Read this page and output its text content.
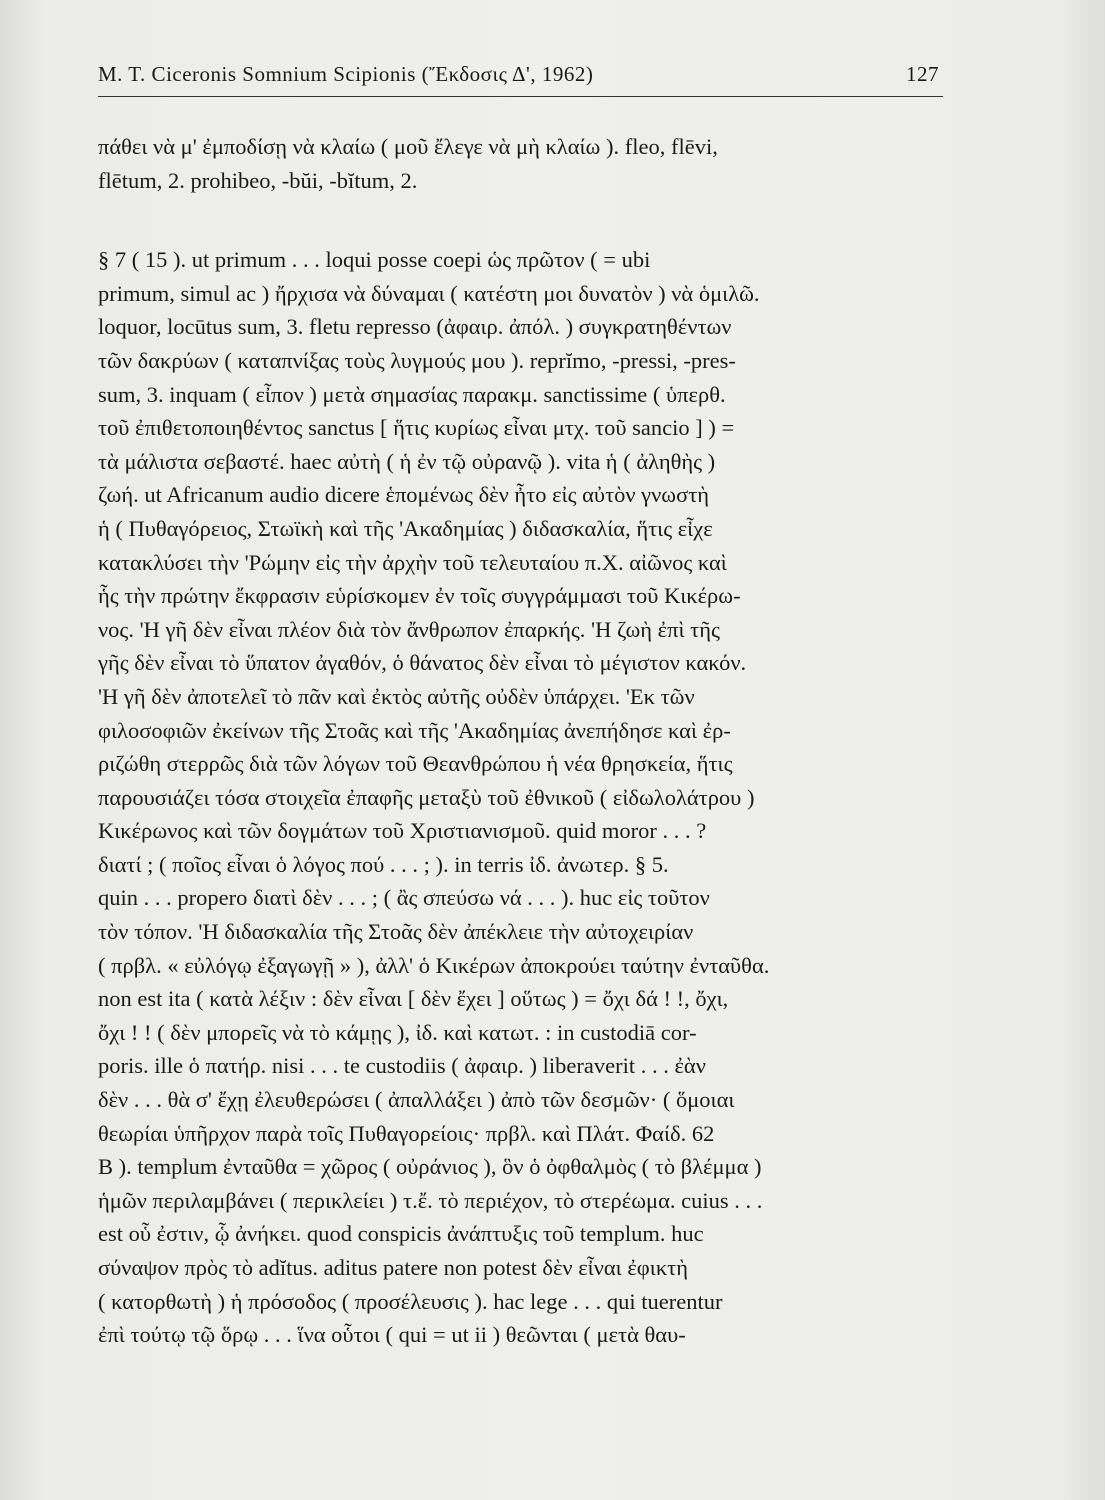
M. T. Ciceronis Somnium Scipionis (Ἔκδοσις Δ', 1962)	127
πάθει νὰ μ' ἐμποδίσῃ νὰ κλαίω ( μοῦ ἔλεγε νὰ μὴ κλαίω ). fleo, flēvi,
flētum, 2. prohibeo, -bŭi, -bĭtum, 2.
§ 7 ( 15 ). ut primum . . . loqui posse coepi ὡς πρῶτον ( = ubi
primum, simul ac ) ἤρχισα νὰ δύναμαι ( κατέστη μοι δυνατὸν ) νὰ ὁμιλῶ.
loquor, locūtus sum, 3. fletu represso (ἀφαιρ. ἀπόλ. ) συγκρατηθέντων
τῶν δακρύων ( καταπνίξας τοὺς λυγμούς μου ). reprĭmo, -pressi, -pres-
sum, 3. inquam ( εἶπον ) μετὰ σημασίας παρακμ. sanctissime ( ὑπερθ.
τοῦ ἐπιθετοποιηθέντος sanctus [ ἥτις κυρίως εἶναι μτχ. τοῦ sancio ] ) =
τὰ μάλιστα σεβαστέ. haec αὐτὴ ( ἡ ἐν τῷ οὐρανῷ ). vita ἡ ( ἀληθὴς )
ζωή. ut Africanum audio dicere ἑπομένως δὲν ἦτο εἰς αὐτὸν γνωστὴ
ἡ ( Πυθαγόρειος, Στωϊκὴ καὶ τῆς 'Ακαδημίας ) διδασκαλία, ἥτις εἶχε
κατακλύσει τὴν 'Ρώμην εἰς τὴν ἀρχὴν τοῦ τελευταίου π.Χ. αἰῶνος καὶ
ἧς τὴν πρώτην ἔκφρασιν εὑρίσκομεν ἐν τοῖς συγγράμμασι τοῦ Κικέρω-
νος. 'Η γῆ δὲν εἶναι πλέον διὰ τὸν ἄνθρωπον ἐπαρκής. 'Η ζωὴ ἐπὶ τῆς
γῆς δὲν εἶναι τὸ ὕπατον ἀγαθόν, ὁ θάνατος δὲν εἶναι τὸ μέγιστον κακόν.
'Η γῆ δὲν ἀποτελεῖ τὸ πᾶν καὶ ἐκτὸς αὐτῆς οὐδὲν ὑπάρχει. 'Εκ τῶν
φιλοσοφιῶν ἐκείνων τῆς Στοᾶς καὶ τῆς 'Ακαδημίας ἀνεπήδησε καὶ ἐρ-
ριζώθη στερρῶς διὰ τῶν λόγων τοῦ Θεανθρώπου ἡ νέα θρησκεία, ἥτις
παρουσιάζει τόσα στοιχεῖα ἐπαφῆς μεταξὺ τοῦ ἐθνικοῦ ( εἰδωλολάτρου )
Κικέρωνος καὶ τῶν δογμάτων τοῦ Χριστιανισμοῦ. quid moror . . . ?
διατί ; ( ποῖος εἶναι ὁ λόγος πού . . . ; ). in terris ἰδ. ἀνωτερ. § 5.
quin . . . propero διατὶ δὲν . . . ; ( ἂς σπεύσω νά . . . ). huc εἰς τοῦτον
τὸν τόπον. 'Η διδασκαλία τῆς Στοᾶς δὲν ἀπέκλειε τὴν αὐτοχειρίαν
( πρβλ. « εὐλόγῳ ἐξαγωγῇ » ), ἀλλ' ὁ Κικέρων ἀποκρούει ταύτην ἐνταῦθα.
non est ita ( κατὰ λέξιν : δὲν εἶναι [ δὲν ἔχει ] οὕτως ) = ὄχι δά ! !, ὄχι,
ὄχι ! ! ( δὲν μπορεῖς νὰ τὸ κάμῃς ), ἰδ. καὶ κατωτ. : in custodiā cor-
poris. ille ὁ πατήρ. nisi . . . te custodiis ( ἀφαιρ. ) liberaverit . . . ἐὰν
δὲν . . . θὰ σ' ἔχῃ ἐλευθερώσει ( ἀπαλλάξει ) ἀπὸ τῶν δεσμῶν· ( ὅμοιαι
θεωρίαι ὑπῆρχον παρὰ τοῖς Πυθαγορείοις· πρβλ. καὶ Πλάτ. Φαίδ. 62
Β ). templum ἐνταῦθα = χῶρος ( οὐράνιος ), ὃν ὁ ὀφθαλμὸς ( τὸ βλέμμα )
ἡμῶν περιλαμβάνει ( περικλείει ) τ.ἔ. τὸ περιέχον, τὸ στερέωμα. cuius . . .
est οὗ ἐστιν, ᾧ ἀνήκει. quod conspicis ἀνάπτυξις τοῦ templum. huc
σύναψον πρὸς τὸ adĭtus. aditus patere non potest δὲν εἶναι ἐφικτὴ
( κατορθωτὴ ) ἡ πρόσοδος ( προσέλευσις ). hac lege . . . qui tuerentur
ἐπὶ τούτῳ τῷ ὅρῳ . . . ἵνα οὗτοι ( qui = ut ii ) θεῶνται ( μετὰ θαυ-
